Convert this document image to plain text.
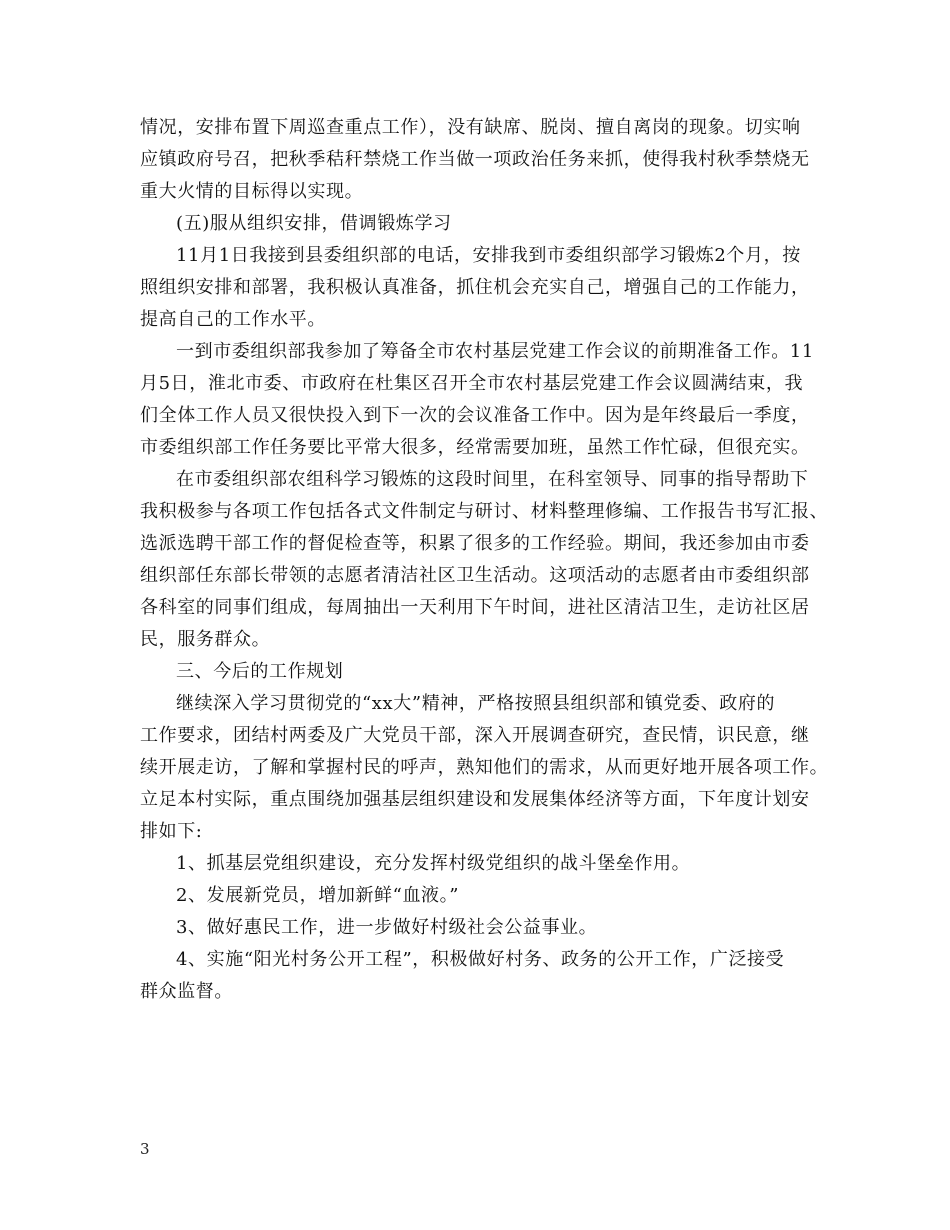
情况，安排布置下周巡查重点工作），没有缺席、脱岗、擅自离岗的现象。切实响
应镇政府号召，把秋季秸秆禁烧工作当做一项政治任务来抓，使得我村秋季禁烧无
重大火情的目标得以实现。
(五)服从组织安排，借调锻炼学习
11月1日我接到县委组织部的电话，安排我到市委组织部学习锻炼2个月，按
照组织安排和部署，我积极认真准备，抓住机会充实自己，增强自己的工作能力，
提高自己的工作水平。
一到市委组织部我参加了筹备全市农村基层党建工作会议的前期准备工作。11
月5日，淮北市委、市政府在杜集区召开全市农村基层党建工作会议圆满结束，我
们全体工作人员又很快投入到下一次的会议准备工作中。因为是年终最后一季度，
市委组织部工作任务要比平常大很多，经常需要加班，虽然工作忙碌，但很充实。
在市委组织部农组科学习锻炼的这段时间里，在科室领导、同事的指导帮助下
我积极参与各项工作包括各式文件制定与研讨、材料整理修编、工作报告书写汇报、
选派选聘干部工作的督促检查等，积累了很多的工作经验。期间，我还参加由市委
组织部任东部长带领的志愿者清洁社区卫生活动。这项活动的志愿者由市委组织部
各科室的同事们组成，每周抽出一天利用下午时间，进社区清洁卫生，走访社区居
民，服务群众。
三、今后的工作规划
继续深入学习贯彻党的“xx大”精神，严格按照县组织部和镇党委、政府的
工作要求，团结村两委及广大党员干部，深入开展调查研究，查民情，识民意，继
续开展走访，了解和掌握村民的呼声，熟知他们的需求，从而更好地开展各项工作。
立足本村实际，重点围绕加强基层组织建设和发展集体经济等方面，下年度计划安
排如下:
1、抓基层党组织建设，充分发挥村级党组织的战斗堡垒作用。
2、发展新党员，增加新鲜“血液。”
3、做好惠民工作，进一步做好村级社会公益事业。
4、实施“阳光村务公开工程”，积极做好村务、政务的公开工作，广泛接受
群众监督。
3
